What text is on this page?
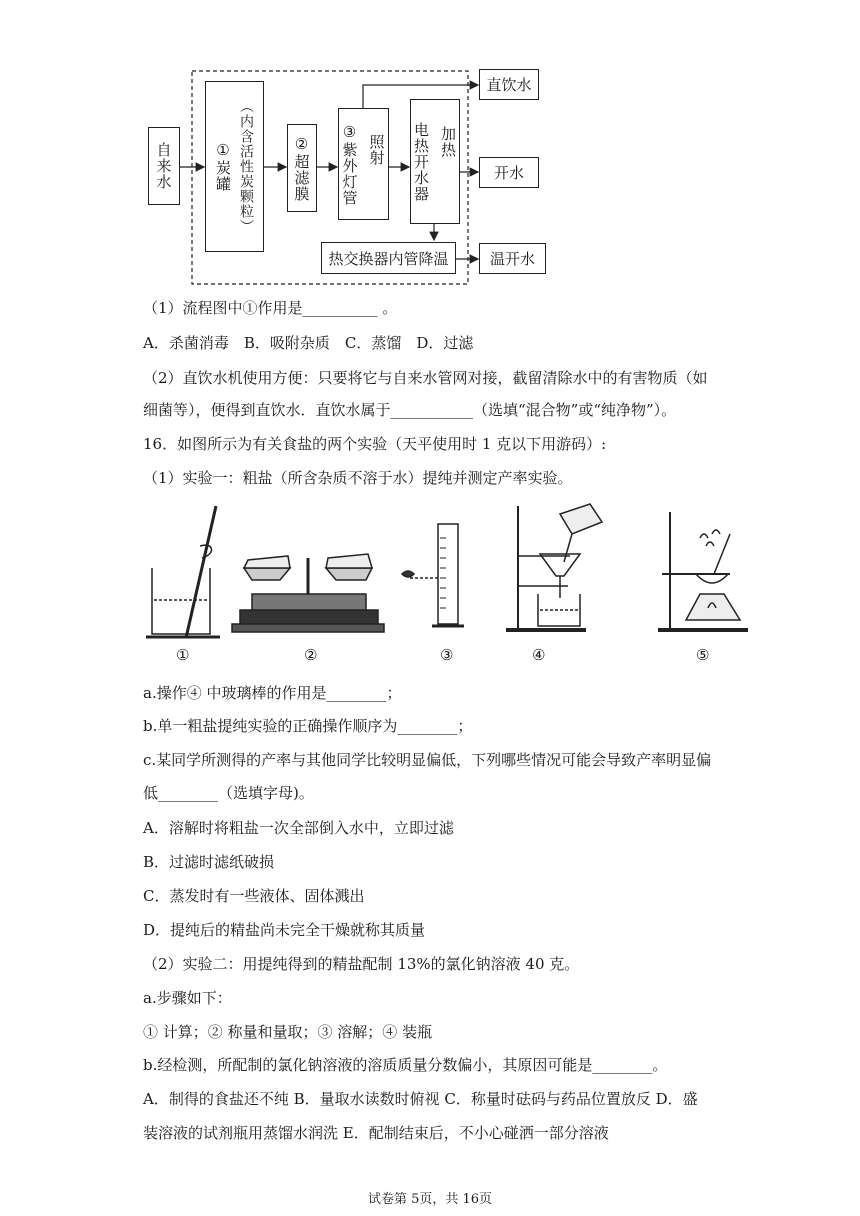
自来水	①炭罐 （内含活性炭颗粒）	②超滤膜 ③紫外灯管 照射 电热开水器 加热
热交换器内管降温
直饮水
开水
温开水
（1）流程图中①作用是__________ 。
A．杀菌消毒　B．吸附杂质　C．蒸馏　D．过滤
（2）直饮水机使用方便：只要将它与自来水管网对接，截留清除水中的有害物质（如
细菌等），便得到直饮水．直饮水属于___________（选填“混合物”或“纯净物”）。
16．如图所示为有关食盐的两个实验（天平使用时 1 克以下用游码）:
（1）实验一：粗盐（所含杂质不溶于水）提纯并测定产率实验。
①	②	③	④	⑤
a.操作④ 中玻璃棒的作用是________；
b.单一粗盐提纯实验的正确操作顺序为________；
c.某同学所测得的产率与其他同学比较明显偏低，下列哪些情况可能会导致产率明显偏
低________（选填字母)。
A．溶解时将粗盐一次全部倒入水中，立即过滤
B．过滤时滤纸破损
C．蒸发时有一些液体、固体溅出
D．提纯后的精盐尚未完全干燥就称其质量
（2）实验二：用提纯得到的精盐配制 13%的氯化钠溶液 40 克。
a.步骤如下：
① 计算；② 称量和量取；③ 溶解；④ 装瓶
b.经检测，所配制的氯化钠溶液的溶质质量分数偏小，其原因可能是________。
A．制得的食盐还不纯 B．量取水读数时俯视 C．称量时砝码与药品位置放反 D．盛
装溶液的试剂瓶用蒸馏水润洗 E．配制结束后，不小心碰洒一部分溶液
试卷第 5页，共 16页
